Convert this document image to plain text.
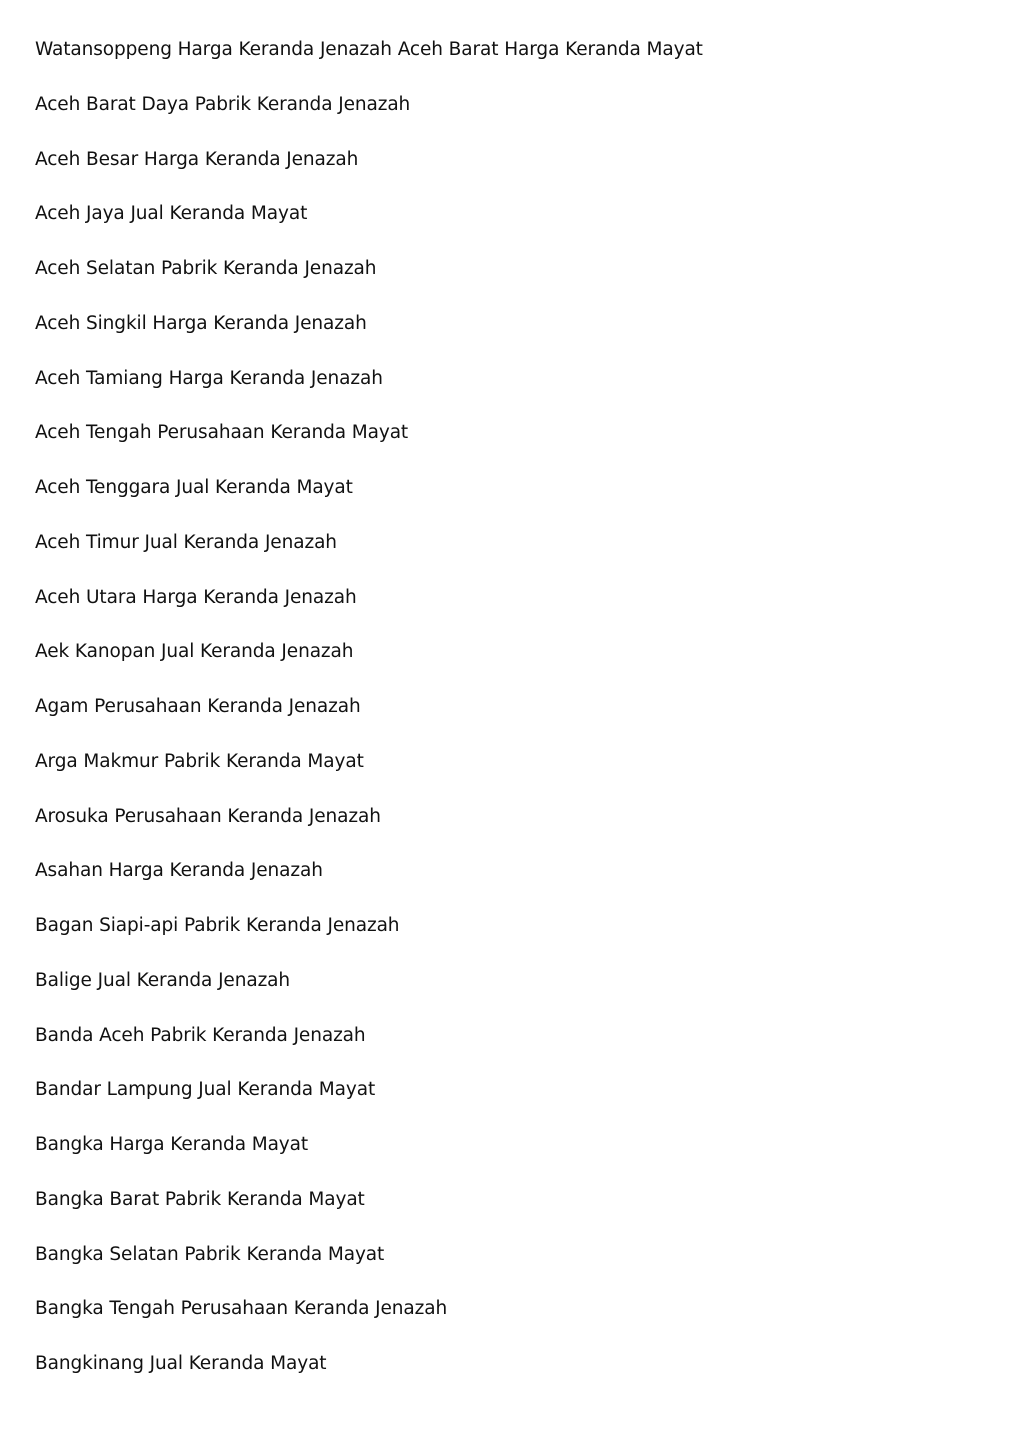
Watansoppeng Harga Keranda Jenazah Aceh Barat Harga Keranda Mayat
Aceh Barat Daya Pabrik Keranda Jenazah
Aceh Besar Harga Keranda Jenazah
Aceh Jaya Jual Keranda Mayat
Aceh Selatan Pabrik Keranda Jenazah
Aceh Singkil Harga Keranda Jenazah
Aceh Tamiang Harga Keranda Jenazah
Aceh Tengah Perusahaan Keranda Mayat
Aceh Tenggara Jual Keranda Mayat
Aceh Timur Jual Keranda Jenazah
Aceh Utara Harga Keranda Jenazah
Aek Kanopan Jual Keranda Jenazah
Agam Perusahaan Keranda Jenazah
Arga Makmur Pabrik Keranda Mayat
Arosuka Perusahaan Keranda Jenazah
Asahan Harga Keranda Jenazah
Bagan Siapi-api Pabrik Keranda Jenazah
Balige Jual Keranda Jenazah
Banda Aceh Pabrik Keranda Jenazah
Bandar Lampung Jual Keranda Mayat
Bangka Harga Keranda Mayat
Bangka Barat Pabrik Keranda Mayat
Bangka Selatan Pabrik Keranda Mayat
Bangka Tengah Perusahaan Keranda Jenazah
Bangkinang Jual Keranda Mayat
